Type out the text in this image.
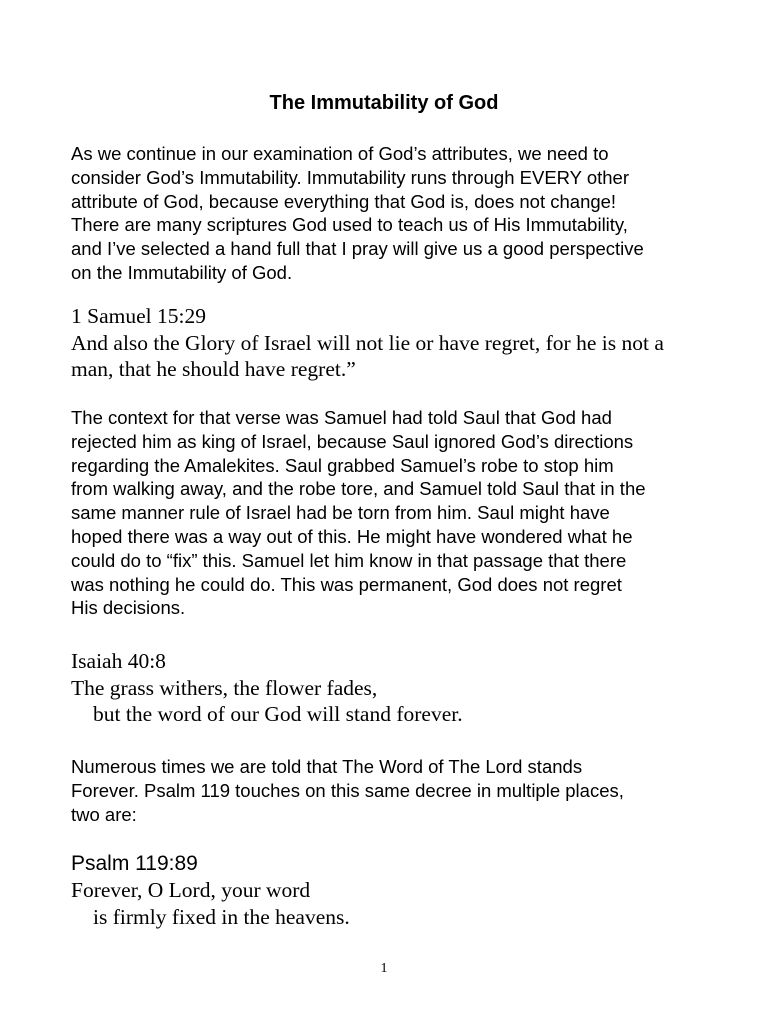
The Immutability of God

As we continue in our examination of God’s attributes, we need to
consider God’s Immutability. Immutability runs through EVERY other
attribute of God, because everything that God is, does not change!
There are many scriptures God used to teach us of His Immutability,
and I’ve selected a hand full that I pray will give us a good perspective
on the Immutability of God.

1 Samuel 15:29
And also the Glory of Israel will not lie or have regret, for he is not a
man, that he should have regret.”

The context for that verse was Samuel had told Saul that God had
rejected him as king of Israel, because Saul ignored God’s directions
regarding the Amalekites. Saul grabbed Samuel’s robe to stop him
from walking away, and the robe tore, and Samuel told Saul that in the
same manner rule of Israel had be torn from him. Saul might have
hoped there was a way out of this. He might have wondered what he
could do to “fix” this. Samuel let him know in that passage that there
was nothing he could do. This was permanent, God does not regret
His decisions.

Isaiah 40:8
The grass withers, the flower fades,
but the word of our God will stand forever.

Numerous times we are told that The Word of The Lord stands
Forever. Psalm 119 touches on this same decree in multiple places,
two are:

Psalm 119:89
Forever, O Lord, your word
is firmly fixed in the heavens.
1
